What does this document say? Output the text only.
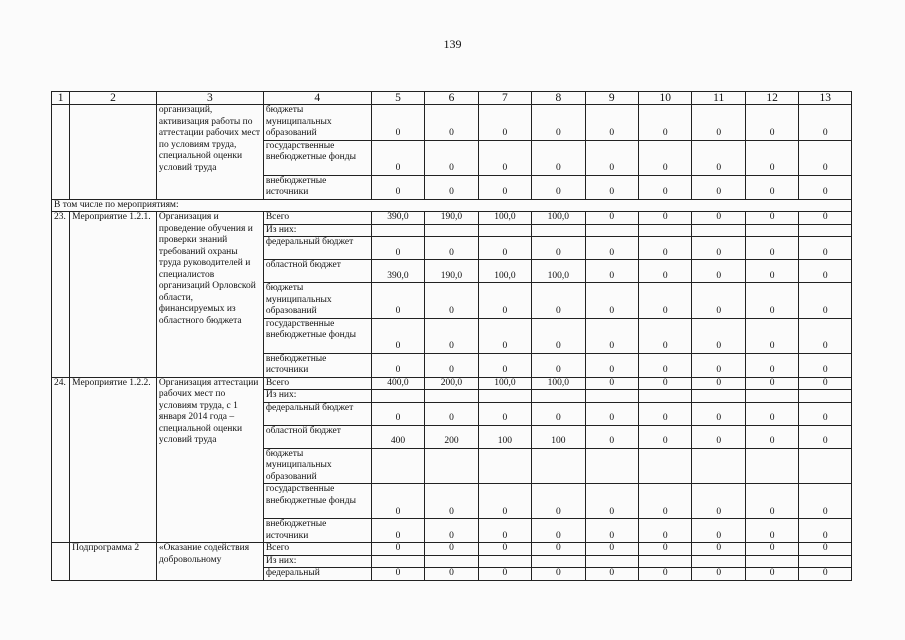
139
1	2	3	4	5	6	7	8	9	10	11	12	13
		организаций, активизация работы по аттестации рабочих мест по условиям труда, специальной оценки условий труда	бюджеты муниципальных образований	0	0	0	0	0	0	0	0	0
			государственные внебюджетные фонды	0	0	0	0	0	0	0	0	0
			внебюджетные источники	0	0	0	0	0	0	0	0	0
В том числе по мероприятиям:												
23.	Мероприятие 1.2.1.	Организация и проведение обучения и проверки знаний требований охраны труда руководителей и специалистов организаций Орловской области, финансируемых из областного бюджета	Всего	390,0	190,0	100,0	100,0	0	0	0	0	0
			Из них:									
			федеральный бюджет	0	0	0	0	0	0	0	0	0
			областной бюджет	390,0	190,0	100,0	100,0	0	0	0	0	0
			бюджеты муниципальных образований	0	0	0	0	0	0	0	0	0
			государственные внебюджетные фонды	0	0	0	0	0	0	0	0	0
			внебюджетные источники	0	0	0	0	0	0	0	0	0
24.	Мероприятие 1.2.2.	Организация аттестации рабочих мест по условиям труда, с 1 января 2014 года – специальной оценки условий труда	Всего	400,0	200,0	100,0	100,0	0	0	0	0	0
			Из них:									
			федеральный бюджет	0	0	0	0	0	0	0	0	0
			областной бюджет	400	200	100	100	0	0	0	0	0
			бюджеты муниципальных образований									
			государственные внебюджетные фонды	0	0	0	0	0	0	0	0	0
			внебюджетные источники	0	0	0	0	0	0	0	0	0
	Подпрограмма 2	«Оказание содействия добровольному	Всего	0	0	0	0	0	0	0	0	0
			Из них:									
			федеральный	0	0	0	0	0	0	0	0	0
